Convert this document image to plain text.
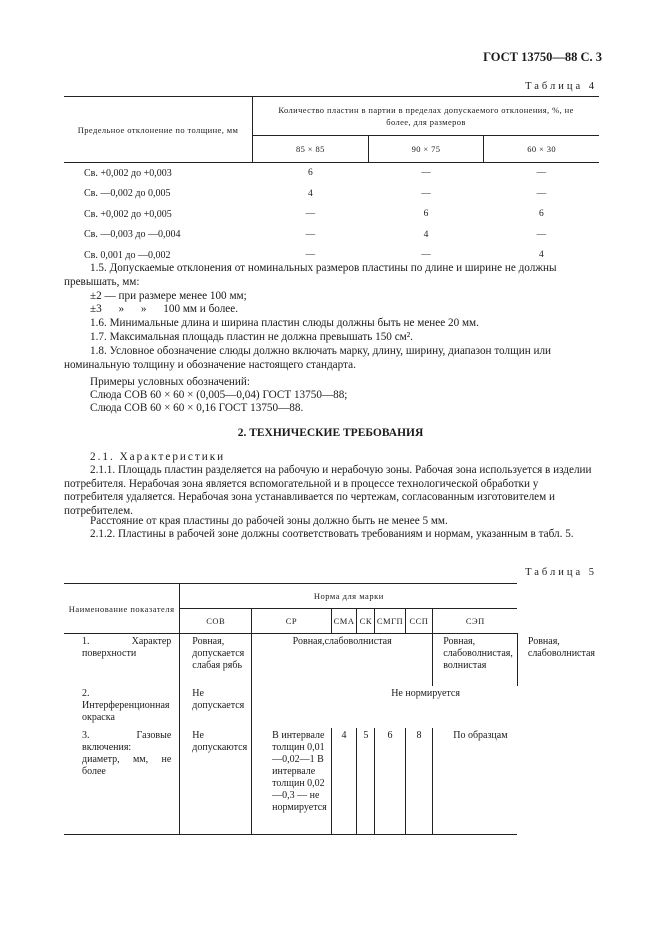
ГОСТ 13750—88 С. 3
Таблица 4
Предельное отклонение по толщине, мм	Количество пластин в партии в пределах допускаемого отклонения, %, не более, для размеров		
	85 × 85	90 × 75	60 × 30
Св. +0,002 до +0,003	6	—	—
Св. —0,002 до 0,005	4	—	—
Св. +0,002 до +0,005	—	6	6
Св. —0,003 до —0,004	—	4	—
Св. 0,001 до —0,002	—	—	4
1.5. Допускаемые отклонения от номинальных размеров пластины по длине и ширине не должны превышать, мм:
±2 — при размере менее 100 мм;
±3      »      »      100 мм и более.
1.6. Минимальные длина и ширина пластин слюды должны быть не менее 20 мм.
1.7. Максимальная площадь пластин не должна превышать 150 см².
1.8. Условное обозначение слюды должно включать марку, длину, ширину, диапазон толщин или номинальную толщину и обозначение настоящего стандарта.
Примеры условных обозначений:
Слюда СОВ 60 × 60 × (0,005—0,04) ГОСТ 13750—88;
Слюда СОВ 60 × 60 × 0,16 ГОСТ 13750—88.
2. ТЕХНИЧЕСКИЕ ТРЕБОВАНИЯ
2.1. Характеристики
2.1.1. Площадь пластин разделяется на рабочую и нерабочую зоны. Рабочая зона используется в изделии потребителя. Нерабочая зона является вспомогательной и в процессе технологической обработки у потребителя удаляется. Нерабочая зона устанавливается по чертежам, согласованным изготовителем и потребителем.
Расстояние от края пластины до рабочей зоны должно быть не менее 5 мм.
2.1.2. Пластины в рабочей зоне должны соответствовать требованиям и нормам, указанным в табл. 5.
Таблица 5
Наименование показателя	Норма для марки							
	СОВ	СР	СМА	СК	СМГП	ССП	СЭП	
1. Характер поверхности	Ровная, допускается слабая рябь	Ровная,слабоволнистая					Ровная, слабоволнистая, волнистая	Ровная, слабоволнистая
2. Интерференционная окраска	Не допускается	Не нормируется						
3. Газовые включения: диаметр, мм, не более	Не допускаются	В интервале толщин 0,01—0,02—1 В интервале толщин 0,02—0,3 — не нормируется	4	5	6	8	По образцам	
